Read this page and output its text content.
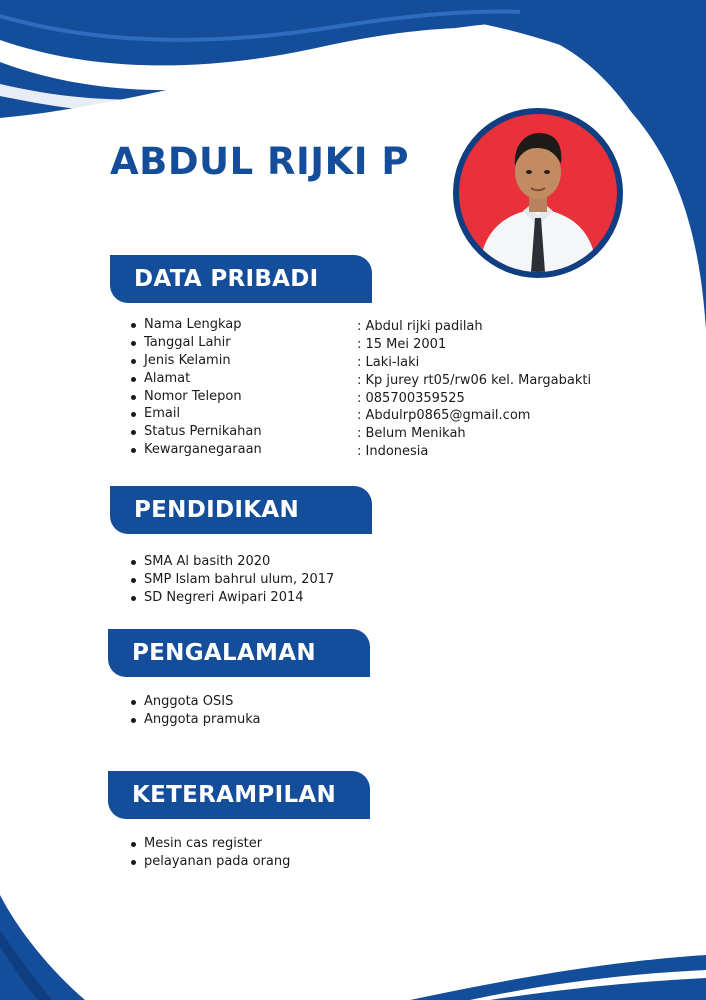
ABDUL RIJKI P
DATA PRIBADI
Nama Lengkap
Tanggal Lahir
Jenis Kelamin
Alamat
Nomor Telepon
Email
Status Pernikahan
Kewarganegaraan
: Abdul rijki padilah
: 15 Mei 2001
: Laki-laki
: Kp jurey rt05/rw06 kel. Margabakti
: 085700359525
: Abdulrp0865@gmail.com
: Belum Menikah
: Indonesia
PENDIDIKAN
SMA Al basith 2020
SMP Islam bahrul ulum, 2017
SD Negreri Awipari 2014
PENGALAMAN
Anggota OSIS
Anggota pramuka
KETERAMPILAN
Mesin cas register
pelayanan pada orang
